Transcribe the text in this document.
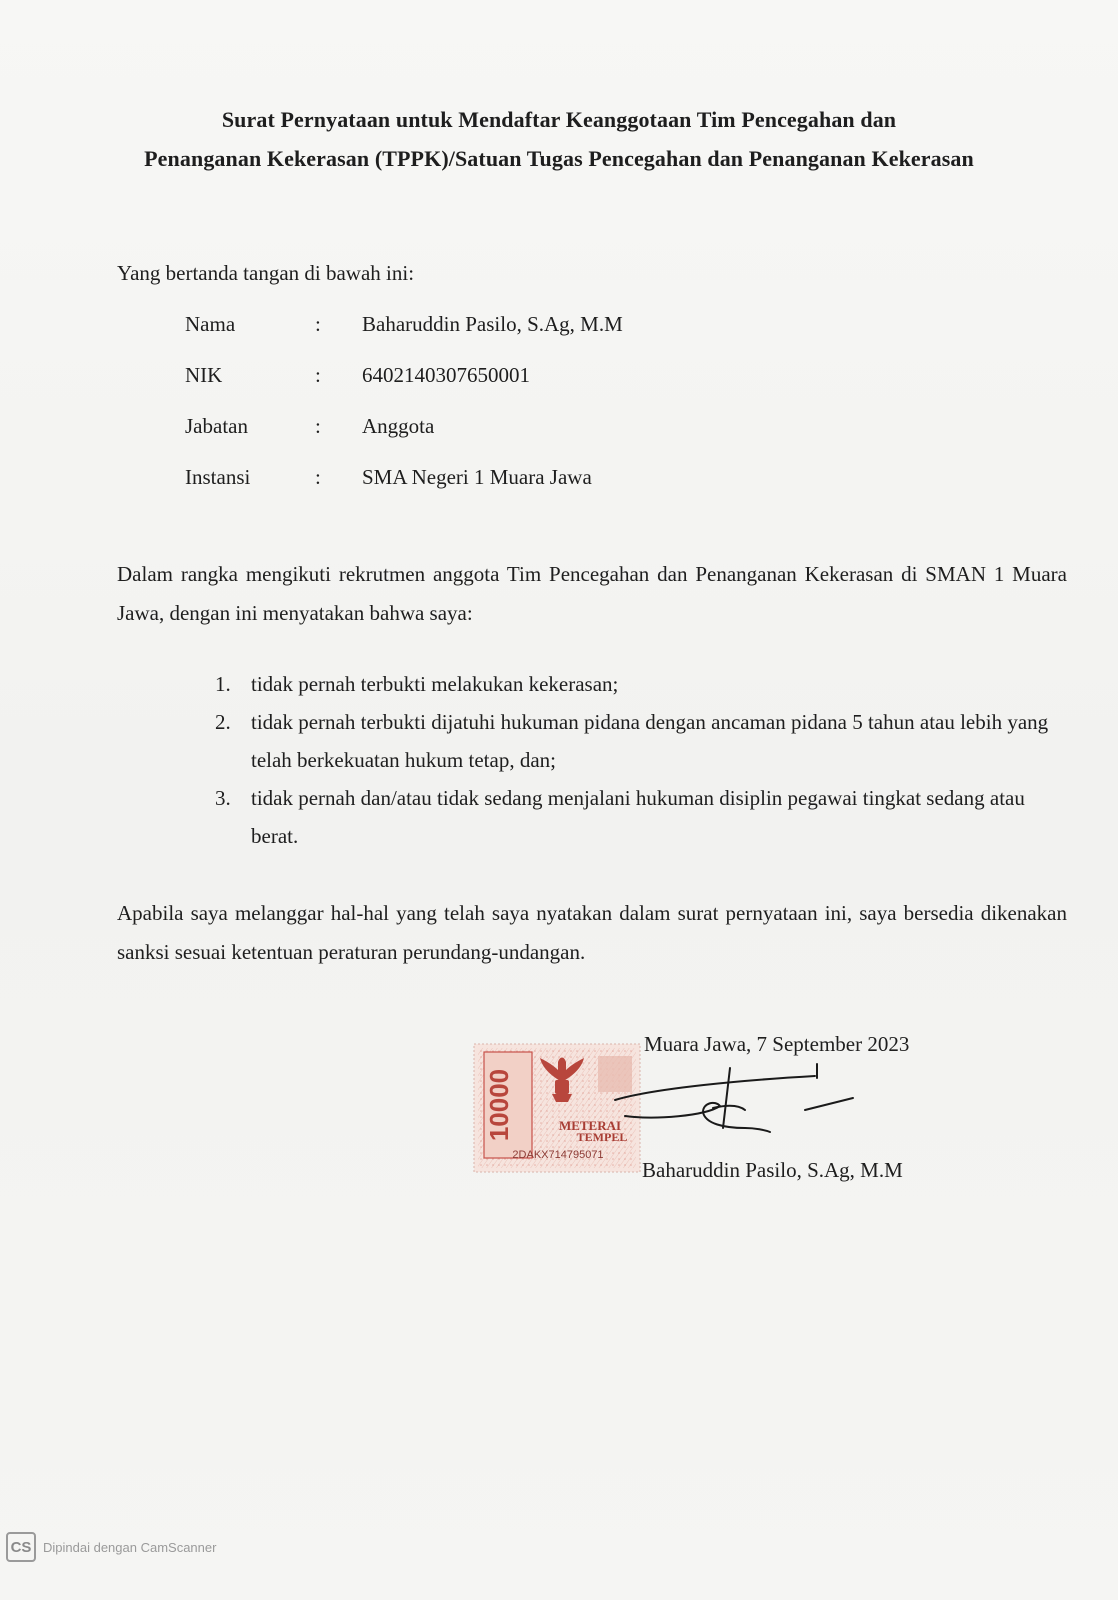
Surat Pernyataan untuk Mendaftar Keanggotaan Tim Pencegahan dan
Penanganan Kekerasan (TPPK)/Satuan Tugas Pencegahan dan Penanganan Kekerasan
Yang bertanda tangan di bawah ini:
Nama	: Baharuddin Pasilo, S.Ag, M.M
NIK	: 6402140307650001
Jabatan	: Anggota
Instansi	: SMA Negeri 1 Muara Jawa
Dalam rangka mengikuti rekrutmen anggota Tim Pencegahan dan Penanganan Kekerasan di SMAN 1 Muara Jawa, dengan ini menyatakan bahwa saya:
1. tidak pernah terbukti melakukan kekerasan;
2. tidak pernah terbukti dijatuhi hukuman pidana dengan ancaman pidana 5 tahun atau lebih yang telah berkekuatan hukum tetap, dan;
3. tidak pernah dan/atau tidak sedang menjalani hukuman disiplin pegawai tingkat sedang atau berat.
Apabila saya melanggar hal-hal yang telah saya nyatakan dalam surat pernyataan ini, saya bersedia dikenakan sanksi sesuai ketentuan peraturan perundang-undangan.
Muara Jawa, 7 September 2023
10000	METERAI
TEMPEL
2DAKX714795071
Baharuddin Pasilo, S.Ag, M.M
CS Dipindai dengan CamScanner
